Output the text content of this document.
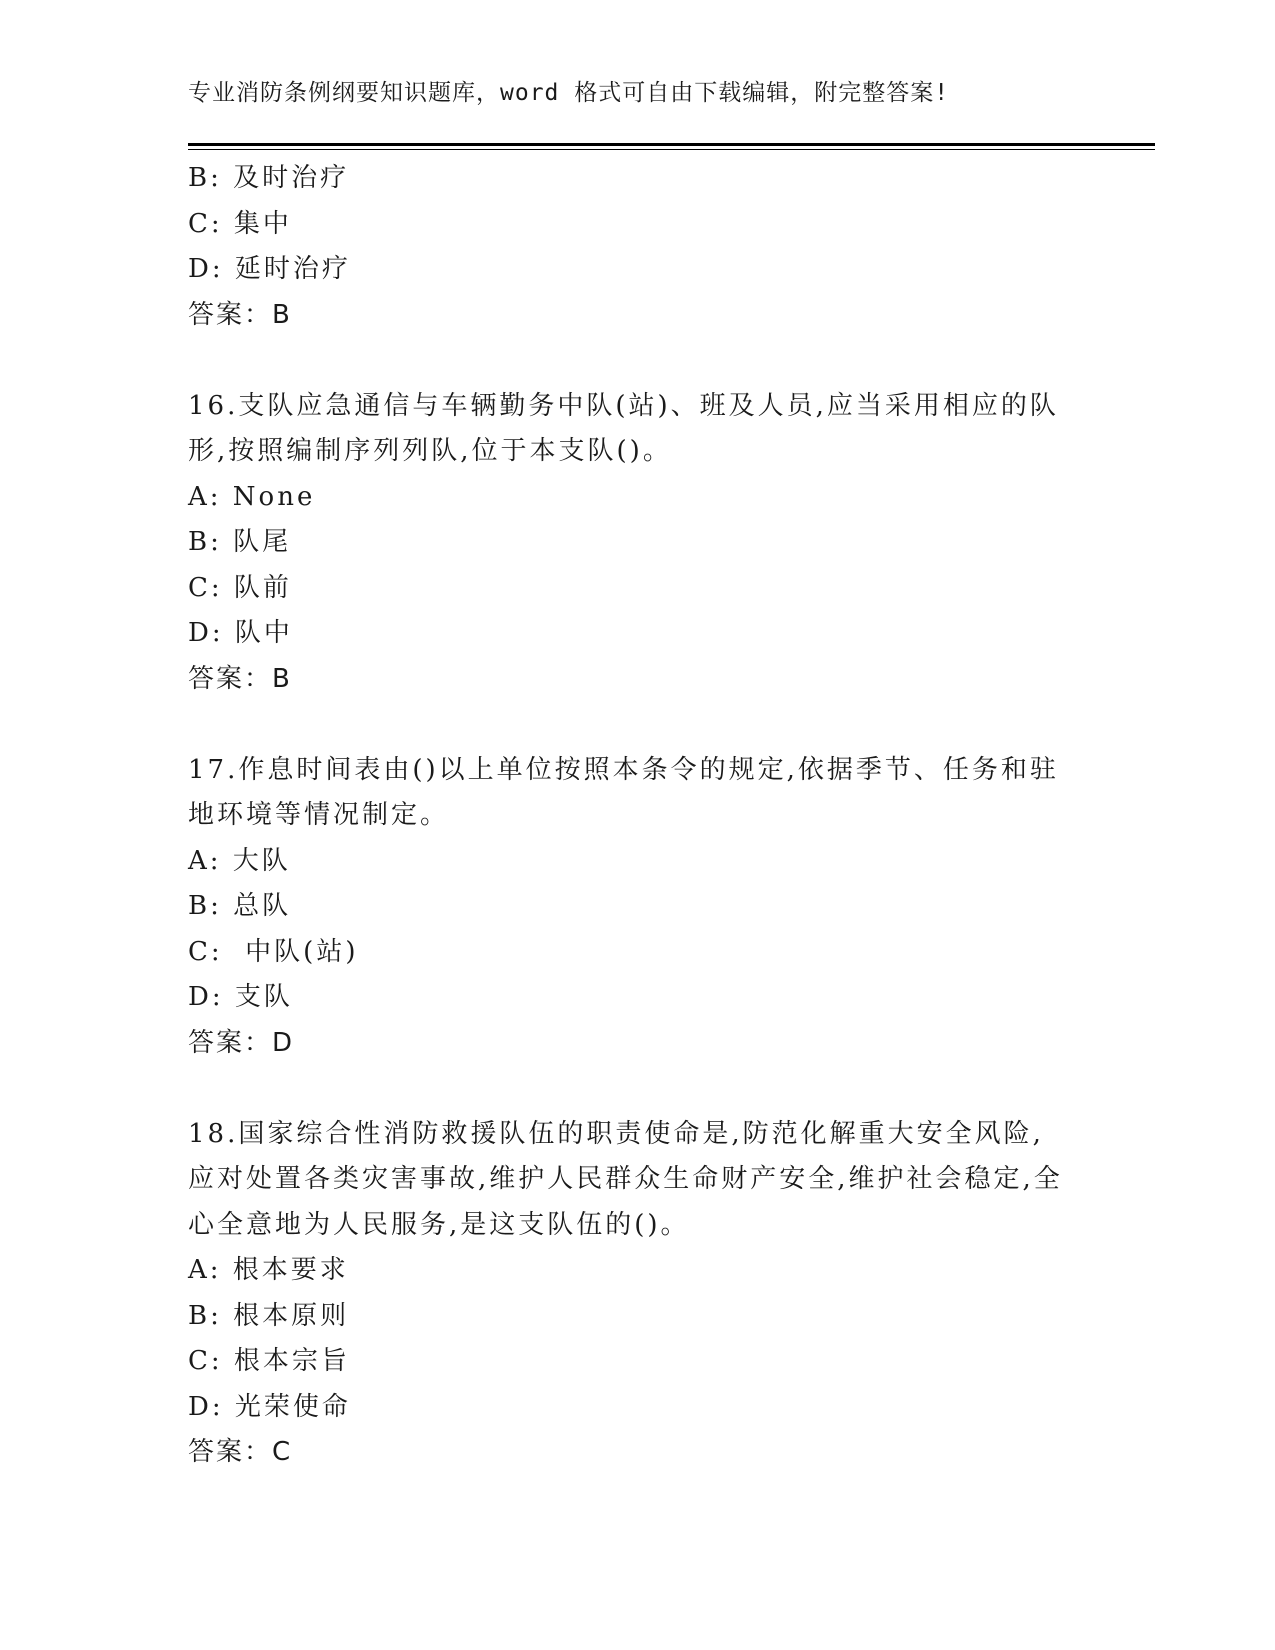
专业消防条例纲要知识题库，word 格式可自由下载编辑，附完整答案!
B: 及时治疗
C: 集中
D: 延时治疗
答案：B
16.支队应急通信与车辆勤务中队(站)、班及人员,应当采用相应的队
形,按照编制序列列队,位于本支队()。
A: None
B: 队尾
C: 队前
D: 队中
答案：B
17.作息时间表由()以上单位按照本条令的规定,依据季节、任务和驻
地环境等情况制定。
A: 大队
B: 总队
C:  中队(站)
D: 支队
答案：D
18.国家综合性消防救援队伍的职责使命是,防范化解重大安全风险,
应对处置各类灾害事故,维护人民群众生命财产安全,维护社会稳定,全
心全意地为人民服务,是这支队伍的()。
A: 根本要求
B: 根本原则
C: 根本宗旨
D: 光荣使命
答案：C
